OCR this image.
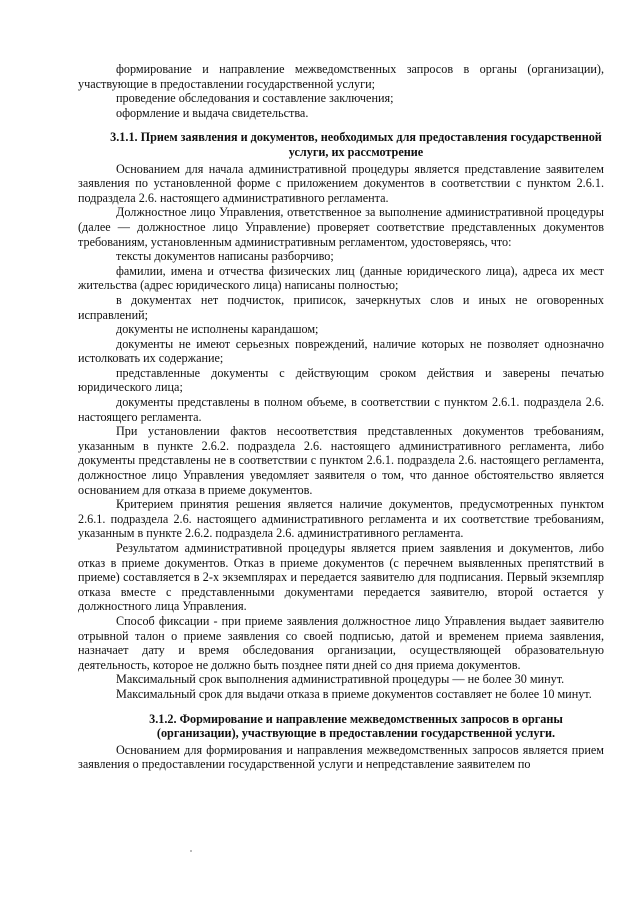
формирование и направление межведомственных запросов в органы (организации), участвующие в предоставлении государственной услуги;

проведение обследования и составление заключения;

оформление и выдача свидетельства.

3.1.1. Прием заявления и документов, необходимых для предоставления государственной услуги, их рассмотрение

Основанием для начала административной процедуры является представление заявителем заявления по установленной форме с приложением документов в соответствии с пунктом 2.6.1. подраздела 2.6. настоящего административного регламента.

Должностное лицо Управления, ответственное за выполнение административной процедуры (далее — должностное лицо Управление) проверяет соответствие представленных документов требованиям, установленным административным регламентом, удостоверяясь, что:

тексты документов написаны разборчиво;

фамилии, имена и отчества физических лиц (данные юридического лица), адреса их мест жительства (адрес юридического лица) написаны полностью;

в документах нет подчисток, приписок, зачеркнутых слов и иных не оговоренных исправлений;

документы не исполнены карандашом;

документы не имеют серьезных повреждений, наличие которых не позволяет однозначно истолковать их содержание;

представленные документы с действующим сроком действия и заверены печатью юридического лица;

документы представлены в полном объеме, в соответствии с пунктом 2.6.1. подраздела 2.6. настоящего регламента.

При установлении фактов несоответствия представленных документов требованиям, указанным в пункте 2.6.2. подраздела 2.6. настоящего административного регламента, либо документы представлены не в соответствии с пунктом 2.6.1. подраздела 2.6. настоящего регламента, должностное лицо Управления уведомляет заявителя о том, что данное обстоятельство является основанием для отказа в приеме документов.

Критерием принятия решения является наличие документов, предусмотренных пунктом 2.6.1. подраздела 2.6. настоящего административного регламента и их соответствие требованиям, указанным в пункте 2.6.2. подраздела 2.6. административного регламента.

Результатом административной процедуры является прием заявления и документов, либо отказ в приеме документов. Отказ в приеме документов (с перечнем выявленных препятствий в приеме) составляется в 2-х экземплярах и передается заявителю для подписания. Первый экземпляр отказа вместе с представленными документами передается заявителю, второй остается у должностного лица Управления.

Способ фиксации - при приеме заявления должностное лицо Управления выдает заявителю отрывной талон о приеме заявления со своей подписью, датой и временем приема заявления, назначает дату и время обследования организации, осуществляющей образовательную деятельность, которое не должно быть позднее пяти дней со дня приема документов.

Максимальный срок выполнения административной процедуры — не более 30 минут.

Максимальный срок для выдачи отказа в приеме документов составляет не более 10 минут.

3.1.2. Формирование и направление межведомственных запросов в органы (организации), участвующие в предоставлении государственной услуги.

Основанием для формирования и направления межведомственных запросов является прием заявления о предоставлении государственной услуги и непредставление заявителем по
